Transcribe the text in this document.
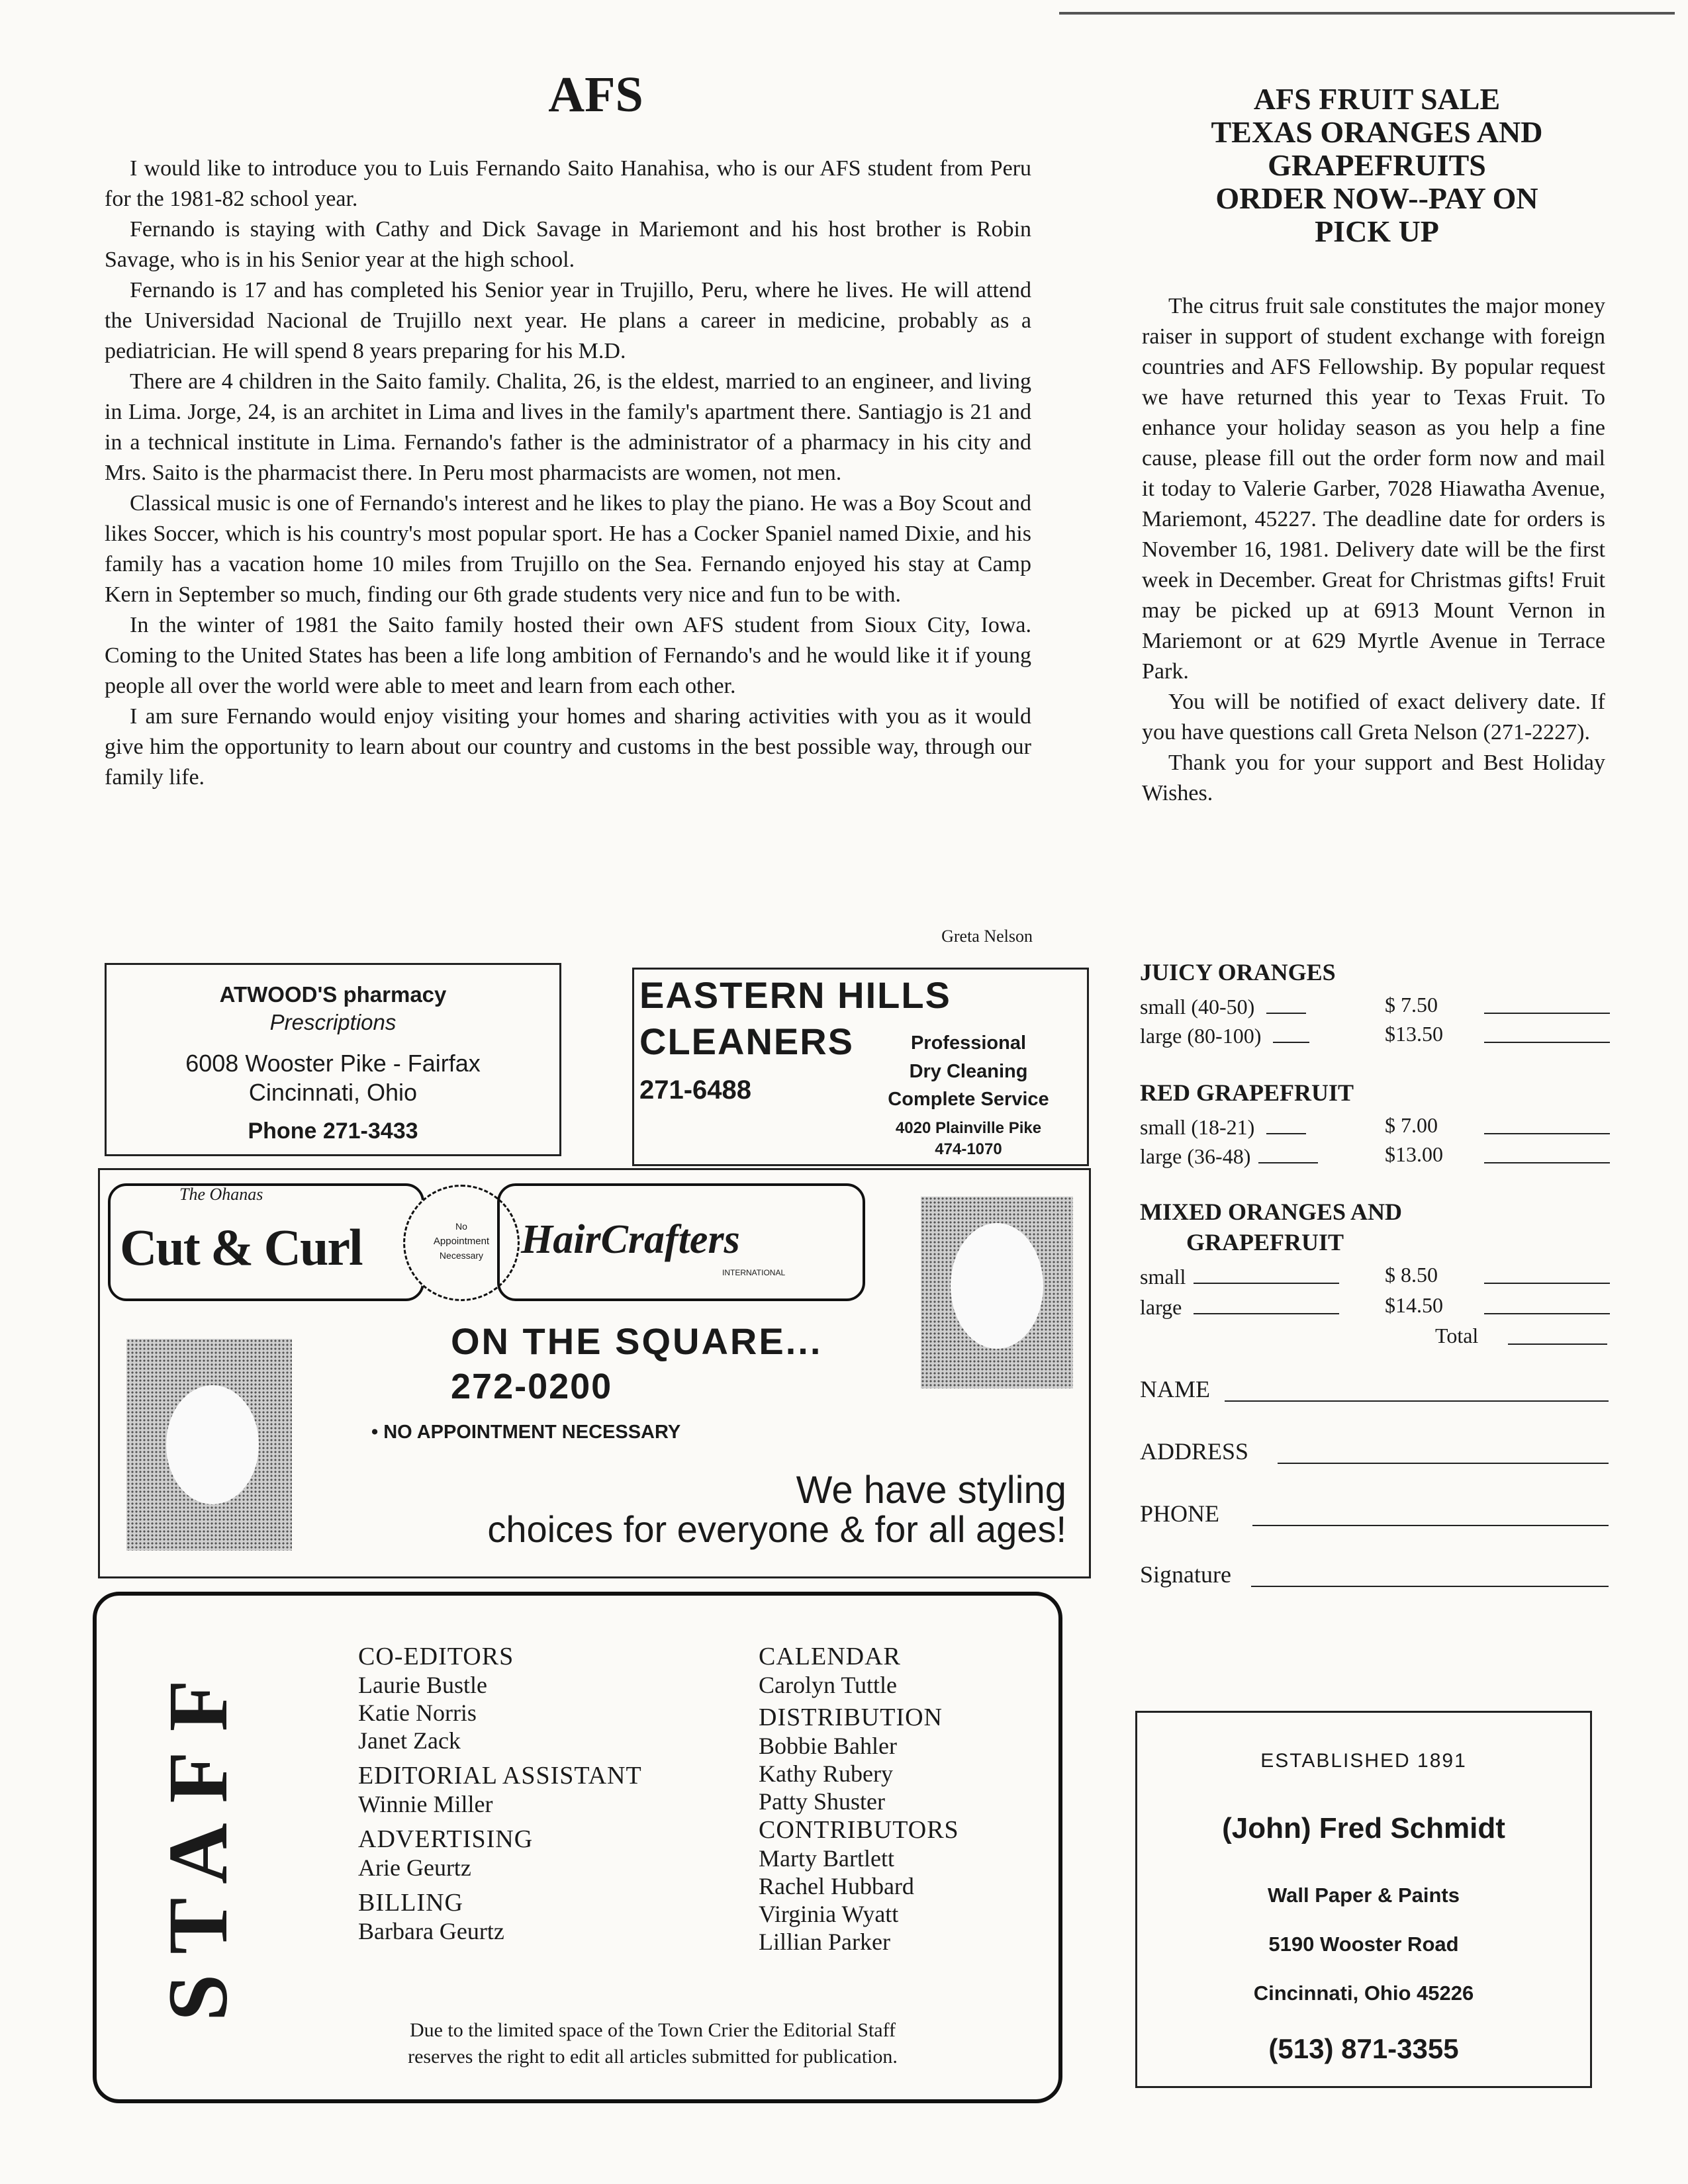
AFS

I would like to introduce you to Luis Fernando Saito Hanahisa, who is our AFS student from Peru for the 1981-82 school year.

Fernando is staying with Cathy and Dick Savage in Mariemont and his host brother is Robin Savage, who is in his Senior year at the high school.

Fernando is 17 and has completed his Senior year in Trujillo, Peru, where he lives. He will attend the Universidad Nacional de Trujillo next year. He plans a career in medicine, probably as a pediatrician. He will spend 8 years preparing for his M.D.

There are 4 children in the Saito family. Chalita, 26, is the eldest, married to an engineer, and living in Lima. Jorge, 24, is an architet in Lima and lives in the family's apartment there. Santiagjo is 21 and in a technical institute in Lima. Fernando's father is the administrator of a pharmacy in his city and Mrs. Saito is the pharmacist there. In Peru most pharmacists are women, not men.

Classical music is one of Fernando's interest and he likes to play the piano. He was a Boy Scout and likes Soccer, which is his country's most popular sport. He has a Cocker Spaniel named Dixie, and his family has a vacation home 10 miles from Trujillo on the Sea. Fernando enjoyed his stay at Camp Kern in September so much, finding our 6th grade students very nice and fun to be with.

In the winter of 1981 the Saito family hosted their own AFS student from Sioux City, Iowa. Coming to the United States has been a life long ambition of Fernando's and he would like it if young people all over the world were able to meet and learn from each other.

I am sure Fernando would enjoy visiting your homes and sharing activities with you as it would give him the opportunity to learn about our country and customs in the best possible way, through our family life.

Greta Nelson
ATWOOD'S pharmacy
Prescriptions
6008 Wooster Pike - Fairfax
Cincinnati, Ohio
Phone 271-3433
EASTERN HILLS
CLEANERS
271-6488
Professional
Dry Cleaning
Complete Service
4020 Plainville Pike
474-1070
The Ohanas
Cut & Curl	No
Appointment
Necessary HairCrafters
INTERNATIONAL
ON THE SQUARE...
272-0200
• NO APPOINTMENT NECESSARY
We have styling
choices for everyone & for all ages!
STAFF
CO-EDITORS
Laurie Bustle
Katie Norris
Janet Zack
EDITORIAL ASSISTANT
Winnie Miller
ADVERTISING
Arie Geurtz
BILLING
Barbara Geurtz
CALENDAR
Carolyn Tuttle
DISTRIBUTION
Bobbie Bahler
Kathy Rubery
Patty Shuster
CONTRIBUTORS
Marty Bartlett
Rachel Hubbard
Virginia Wyatt
Lillian Parker
Due to the limited space of the Town Crier the Editorial Staff
reserves the right to edit all articles submitted for publication.
AFS FRUIT SALE
TEXAS ORANGES AND
GRAPEFRUITS
ORDER NOW--PAY ON
PICK UP

The citrus fruit sale constitutes the major money raiser in support of student exchange with foreign countries and AFS Fellowship. By popular request we have returned this year to Texas Fruit. To enhance your holiday season as you help a fine cause, please fill out the order form now and mail it today to Valerie Garber, 7028 Hiawatha Avenue, Mariemont, 45227. The deadline date for orders is November 16, 1981. Delivery date will be the first week in December. Great for Christmas gifts! Fruit may be picked up at 6913 Mount Vernon in Mariemont or at 629 Myrtle Avenue in Terrace Park.

You will be notified of exact delivery date. If you have questions call Greta Nelson (271-2227).

Thank you for your support and Best Holiday Wishes.

JUICY ORANGES
small (40-50)	$ 7.50
large (80-100)	$13.50
RED GRAPEFRUIT
small (18-21)	$ 7.00
large (36-48)	$13.00
MIXED ORANGES AND
GRAPEFRUIT
small	$ 8.50
large	$14.50
Total
NAME
ADDRESS
PHONE
Signature
ESTABLISHED 1891
(John) Fred Schmidt
Wall Paper & Paints
5190 Wooster Road
Cincinnati, Ohio 45226
(513) 871-3355
